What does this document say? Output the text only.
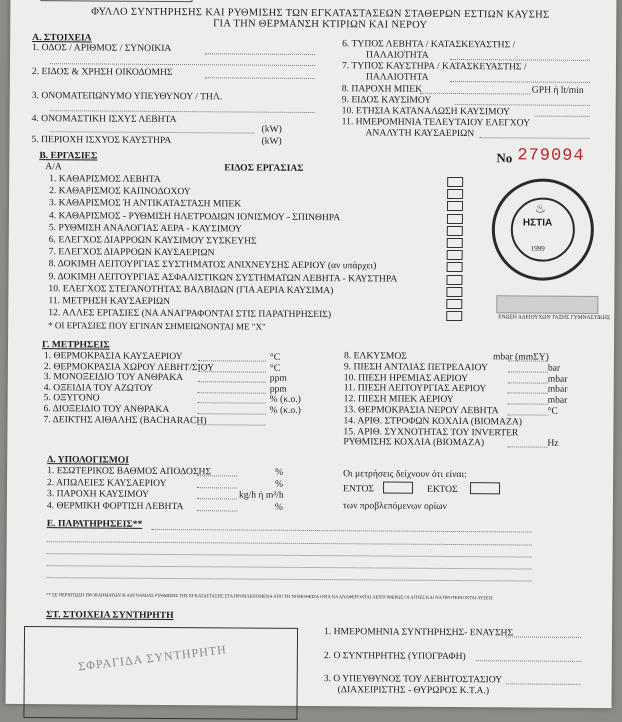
ΦΥΛΛΟ ΣΥΝΤΗΡΗΣΗΣ ΚΑΙ ΡΥΘΜΙΣΗΣ ΤΩΝ ΕΓΚΑΤΑΣΤΑΣΕΩΝ ΣΤΑΘΕΡΩΝ ΕΣΤΙΩΝ ΚΑΥΣΗΣ
ΓΙΑ ΤΗΝ ΘΕΡΜΑΝΣΗ ΚΤΙΡΙΩΝ ΚΑΙ ΝΕΡΟΥ
Α. ΣΤΟΙΧΕΙΑ
1. ΟΔΟΣ / ΑΡΙΘΜΟΣ / ΣΥΝΟΙΚΙΑ
2. ΕΙΔΟΣ & ΧΡΗΣΗ ΟΙΚΟΔΟΜΗΣ
3. ΟΝΟΜΑΤΕΠΩΝΥΜΟ ΥΠΕΥΘΥΝΟΥ / ΤΗΛ.
4. ΟΝΟΜΑΣΤΙΚΗ ΙΣΧΥΣ ΛΕΒΗΤΑ
(kW)
5. ΠΕΡΙΟΧΗ ΙΣΧΥΟΣ ΚΑΥΣΤΗΡΑ	(kW)
6. ΤΥΠΟΣ ΛΕΒΗΤΑ / ΚΑΤΑΣΚΕΥΑΣΤΗΣ /
ΠΑΛΑΙΟΤΗΤΑ
7. ΤΥΠΟΣ ΚΑΥΣΤΗΡΑ / ΚΑΤΑΣΚΕΥΑΣΤΗΣ /
ΠΑΛΑΙΟΤΗΤΑ
8. ΠΑΡΟΧΗ ΜΠΕΚ	GPH ή lt/min
9. ΕΙΔΟΣ ΚΑΥΣΙΜΟΥ
10. ΕΤΗΣΙΑ ΚΑΤΑΝΑΛΩΣΗ ΚΑΥΣΙΜΟΥ
11. ΗΜΕΡΟΜΗΝΙΑ ΤΕΛΕΥΤΑΙΟΥ ΕΛΕΓΧΟΥ
ΑΝΑΛΥΤΗ ΚΑΥΣΑΕΡΙΩΝ
Β. ΕΡΓΑΣΙΕΣ
Α/Α	ΕΙΔΟΣ ΕΡΓΑΣΙΑΣ
No 279094
* ΟΙ ΕΡΓΑΣΙΕΣ ΠΟΥ ΕΓΙΝΑΝ ΣΗΜΕΙΩΝΟΝΤΑΙ ΜΕ "Χ"
ΗΣΤΙΑ
1999
♨
ΕΝΩΣΗ ΑΔΕΙΟΥΧΩΝ ΤΑΞΗΣ ΓΥΜΝΑΣΤΙΚΗΣ
Γ. ΜΕΤΡΗΣΕΙΣ
Δ. ΥΠΟΛΟΓΙΣΜΟΙ
Οι μετρήσεις δείχνουν ότι είναι:
ΕΝΤΟΣ	ΕΚΤΟΣ
των προβλεπόμενων ορίων
Ε. ΠΑΡΑΤΗΡΗΣΕΙΣ**
** ΣΕ ΠΕΡΙΠΤΩΣΗ ΠΡΟΒΛΗΜΑΤΩΝ Ή ΑΔΥΝΑΜΙΑΣ ΡΥΘΜΙΣΗΣ ΤΗΣ ΕΓΚΑΤΑΣΤΑΣΗΣ ΣΤΑ ΠΡΟΒΛΕΠΟΜΕΝΑ ΑΠΟ ΤΗ ΝΟΜΟΘΕΣΙΑ ΟΡΙΑ ΝΑ ΑΝΑΦΕΡΟΝΤΑΙ ΛΕΠΤΟΜΕΡΩΣ ΟΙ ΑΙΤΙΕΣ ΚΑΙ ΝΑ ΠΡΟΤΕΙΝΟΝΤΑΙ ΛΥΣΕΙΣ
ΣΤ. ΣΤΟΙΧΕΙΑ ΣΥΝΤΗΡΗΤΗ
ΣΦΡΑΓΙΔΑ ΣΥΝΤΗΡΗΤΗ
1. ΗΜΕΡΟΜΗΝΙΑ ΣΥΝΤΗΡΗΣΗΣ- ΕΝΑΥΣΗΣ
2. Ο ΣΥΝΤΗΡΗΤΗΣ (ΥΠΟΓΡΑΦΗ)
3. Ο ΥΠΕΥΘΥΝΟΣ ΤΟΥ ΛΕΒΗΤΟΣΤΑΣΙΟΥ
(ΔΙΑΧΕΙΡΙΣΤΗΣ - ΘΥΡΩΡΟΣ Κ.Τ.Α.)
1. ΚΑΘΑΡΙΣΜΟΣ ΛΕΒΗΤΑ
2. ΚΑΘΑΡΙΣΜΟΣ ΚΑΠΝΟΔΟΧΟΥ
3. ΚΑΘΑΡΙΣΜΟΣ Ή ΑΝΤΙΚΑΤΑΣΤΑΣΗ ΜΠΕΚ
4. ΚΑΘΑΡΙΣΜΟΣ - ΡΥΘΜΙΣΗ ΗΛΕΤΡΟΔΙΩΝ ΙΟΝΙΣΜΟΥ - ΣΠΙΝΘΗΡΑ
5. ΡΥΘΜΙΣΗ ΑΝΑΛΟΓΙΑΣ ΑΕΡΑ - ΚΑΥΣΙΜΟΥ
6. ΕΛΕΓΧΟΣ ΔΙΑΡΡΟΩΝ ΚΑΥΣΙΜΟΥ ΣΥΣΚΕΥΗΣ
7. ΕΛΕΓΧΟΣ ΔΙΑΡΡΟΩΝ ΚΑΥΣΑΕΡΙΩΝ
8. ΔΟΚΙΜΗ ΛΕΙΤΟΥΡΓΙΑΣ ΣΥΣΤΗΜΑΤΟΣ ΑΝΙΧΝΕΥΣΗΣ ΑΕΡΙΟΥ (αν υπάρχει)
9. ΔΟΚΙΜΗ ΛΕΙΤΟΥΡΓΙΑΣ ΑΣΦΑΛΙΣΤΙΚΩΝ ΣΥΣΤΗΜΑΤΩΝ ΛΕΒΗΤΑ - ΚΑΥΣΤΗΡΑ
10. ΕΛΕΓΧΟΣ ΣΤΕΓΑΝΟΤΗΤΑΣ ΒΑΛΒΙΔΩΝ (ΓΙΑ ΑΕΡΙΑ ΚΑΥΣΙΜΑ)
11. ΜΕΤΡΗΣΗ ΚΑΥΣΑΕΡΙΩΝ
12. ΑΛΛΕΣ ΕΡΓΑΣΙΕΣ (ΝΑ ΑΝΑΓΡΑΦΟΝΤΑΙ ΣΤΙΣ ΠΑΡΑΤΗΡΗΣΕΙΣ)
1. ΘΕΡΜΟΚΡΑΣΙΑ ΚΑΥΣΑΕΡΙΟΥ	°C
2. ΘΕΡΜΟΚΡΑΣΙΑ ΧΩΡΟΥ ΛΕΒΗΤ/ΣΙΟΥ	°C
3. ΜΟΝΟΞΕΙΔΙΟ ΤΟΥ ΑΝΘΡΑΚΑ	ppm
4. ΟΞΕΙΔΙΑ ΤΟΥ ΑΖΩΤΟΥ	ppm
5. ΟΞΥΓΟΝΟ	% (κ.ο.)
6. ΔΙΟΞΕΙΔΙΟ ΤΟΥ ΑΝΘΡΑΚΑ	% (κ.ο.)
7. ΔΕΙΚΤΗΣ ΑΙΘΑΛΗΣ (BACHARACH)
8. ΕΛΚΥΣΜΟΣ	mbar (mmΣΥ)
9. ΠΙΕΣΗ ΑΝΤΛΙΑΣ ΠΕΤΡΕΛΑΙΟΥ	bar
10. ΠΙΕΣΗ ΗΡΕΜΙΑΣ ΑΕΡΙΟΥ	mbar
11. ΠΙΕΣΗ ΛΕΙΤΟΥΡΓΙΑΣ ΑΕΡΙΟΥ	mbar
12. ΠΙΕΣΗ ΜΠΕΚ ΑΕΡΙΟΥ	mbar
13. ΘΕΡΜΟΚΡΑΣΙΑ ΝΕΡΟΥ ΛΕΒΗΤΑ	°C
14. ΑΡΙΘ. ΣΤΡΟΦΩΝ ΚΟΧΛΙΑ (ΒΙΟΜΑΖΑ)
15. ΑΡΙΘ. ΣΥΧΝΟΤΗΤΑΣ ΤΟΥ INVERTER
ΡΥΘΜΙΣΗΣ ΚΟΧΛΙΑ (ΒΙΟΜΑΖΑ)	Hz
1. ΕΣΩΤΕΡΙΚΟΣ ΒΑΘΜΟΣ ΑΠΟΔΟΣΗΣ	%
2. ΑΠΩΛΕΙΕΣ ΚΑΥΣΑΕΡΙΟΥ	%
3. ΠΑΡΟΧΗ ΚΑΥΣΙΜΟΥ	kg/h ή m³/h
4. ΘΕΡΜΙΚΗ ΦΟΡΤΙΣΗ ΛΕΒΗΤΑ	%
